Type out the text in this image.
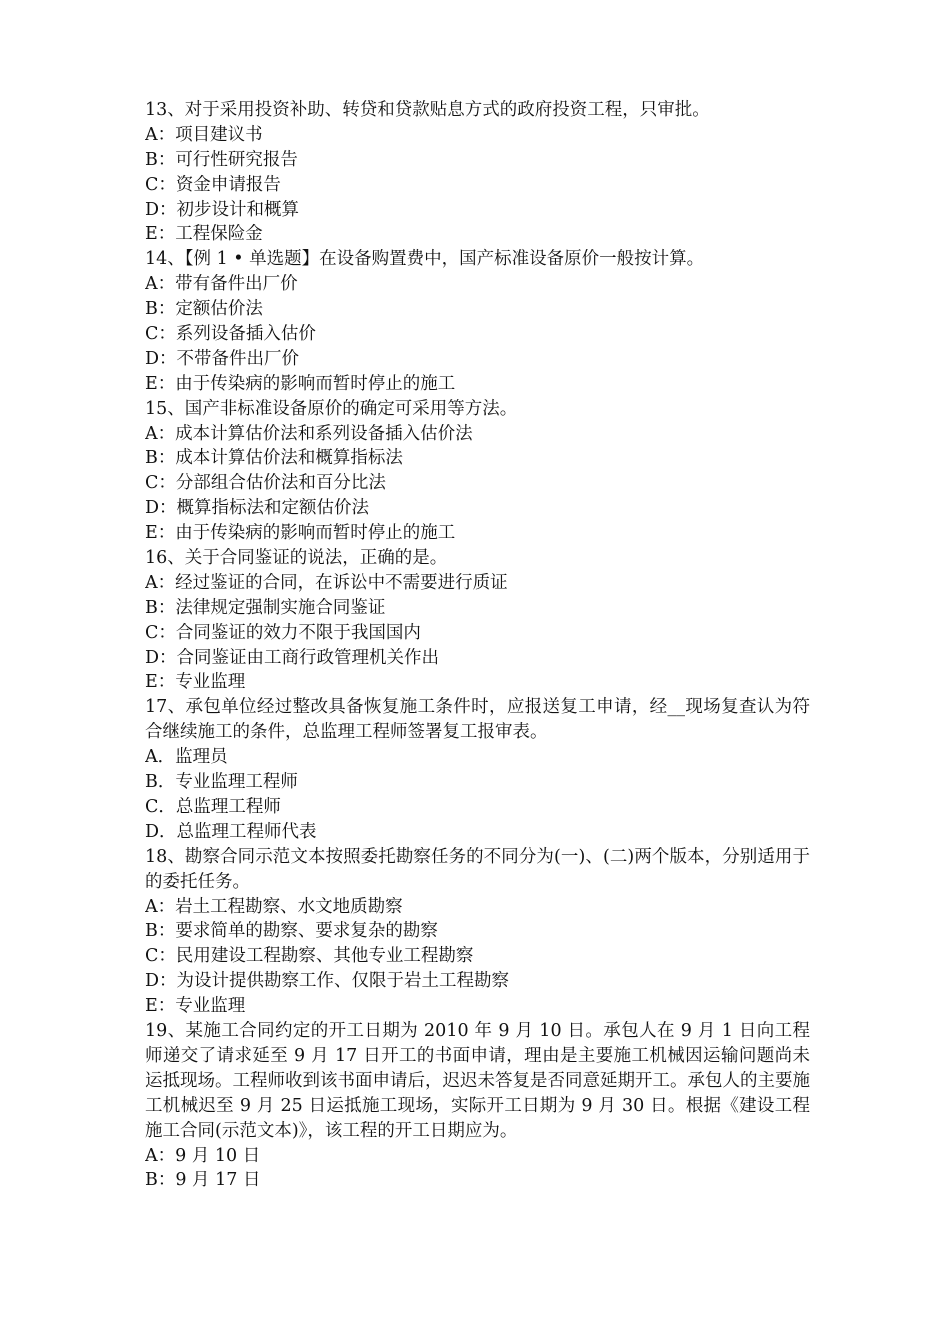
13、对于采用投资补助、转贷和贷款贴息方式的政府投资工程，只审批。
A：项目建议书
B：可行性研究报告
C：资金申请报告
D：初步设计和概算
E：工程保险金
14、【例 1 • 单选题】在设备购置费中，国产标准设备原价一般按计算。
A：带有备件出厂价
B：定额估价法
C：系列设备插入估价
D：不带备件出厂价
E：由于传染病的影响而暂时停止的施工
15、国产非标准设备原价的确定可采用等方法。
A：成本计算估价法和系列设备插入估价法
B：成本计算估价法和概算指标法
C：分部组合估价法和百分比法
D：概算指标法和定额估价法
E：由于传染病的影响而暂时停止的施工
16、关于合同鉴证的说法，正确的是。
A：经过鉴证的合同，在诉讼中不需要进行质证
B：法律规定强制实施合同鉴证
C：合同鉴证的效力不限于我国国内
D：合同鉴证由工商行政管理机关作出
E：专业监理
17、承包单位经过整改具备恢复施工条件时，应报送复工申请，经__现场复查认为符合继续施工的条件，总监理工程师签署复工报审表。
A．监理员
B．专业监理工程师
C．总监理工程师
D．总监理工程师代表
18、勘察合同示范文本按照委托勘察任务的不同分为(一)、(二)两个版本，分别适用于的委托任务。
A：岩土工程勘察、水文地质勘察
B：要求简单的勘察、要求复杂的勘察
C：民用建设工程勘察、其他专业工程勘察
D：为设计提供勘察工作、仅限于岩土工程勘察
E：专业监理
19、某施工合同约定的开工日期为 2010 年 9 月 10 日。承包人在 9 月 1 日向工程师递交了请求延至 9 月 17 日开工的书面申请，理由是主要施工机械因运输问题尚未运抵现场。工程师收到该书面申请后，迟迟未答复是否同意延期开工。承包人的主要施工机械迟至 9 月 25 日运抵施工现场，实际开工日期为 9 月 30 日。根据《建设工程施工合同(示范文本)》，该工程的开工日期应为。
A：9 月 10 日
B：9 月 17 日
